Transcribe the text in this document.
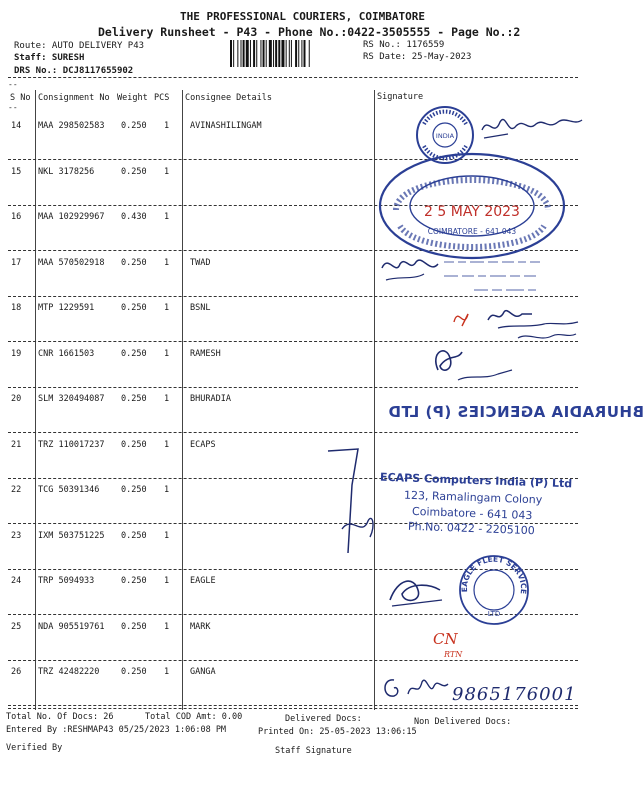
THE PROFESSIONAL COURIERS, COIMBATORE
Delivery Runsheet - P43 - Phone No.:0422-3505555 - Page No.:2
Route: AUTO DELIVERY P43
Staff: SURESH
DRS No.: DCJ8117655902
RS No.: 1176559
RS Date: 25-May-2023
--
S No Consignment No Weight PCS Consignee Details	Signature
--
14 MAA 298502583 0.250 1 AVINASHILINGAM
15 NKL 3178256	0.250 1
16 MAA 102929967 0.430 1
17 MAA 570502918 0.250 1 TWAD
18 MTP 1229591	0.250 1 BSNL
19 CNR 1661503	0.250 1 RAMESH
20 SLM 320494087 0.250 1 BHURADIA
21 TRZ 110017237 0.250 1 ECAPS
22 TCG 50391346	0.250 1
23 IXM 503751225 0.250 1
24 TRP 5094933	0.250 1 EAGLE
25 NDA 905519761 0.250 1 MARK
26 TRZ 42482220	0.250 1 GANGA
INDIA
2 5 MAY 2023
COIMBATORE - 641 043
BHURADIA AGENCIES (P) LTD
ECAPS Computers India (P) Ltd
123, Ramalingam Colony
Coimbatore - 641 043
Ph.No. 0422 - 2205100
EAGLE FLEET SERVICE
LTD
CN
RTN
9865176001
Total No. Of Docs: 26	Total COD Amt: 0.00	Delivered Docs:	Non Delivered Docs:
Entered By :RESHMAP43 05/25/2023 1:06:08 PM	Printed On: 25-05-2023 13:06:15
Verified By	Staff Signature
